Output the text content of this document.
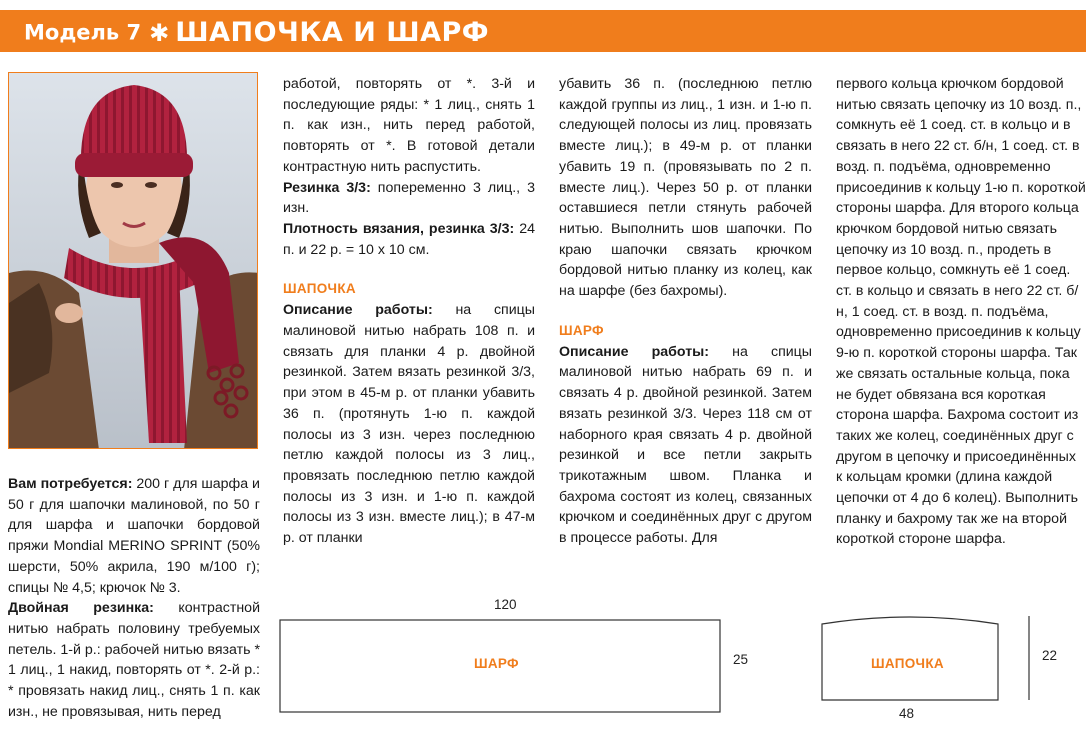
Модель 7 ✱ ШАПОЧКА И ШАРФ

Вам потребуется: 200 г для шарфа и 50 г для шапочки малиновой, по 50 г для шарфа и шапочки бордовой пряжи Mondial MERINO SPRINT (50% шерсти, 50% акрила, 190 м/100 г); спицы № 4,5; крючок № 3.

Двойная резинка: контрастной нитью набрать половину требуемых петель. 1-й р.: рабочей нитью вязать * 1 лиц., 1 накид, повторять от *. 2-й р.: * провязать накид лиц., снять 1 п. как изн., не провязывая, нить перед

работой, повторять от *. 3-й и последующие ряды: * 1 лиц., снять 1 п. как изн., нить перед работой, повторять от *. В готовой детали контрастную нить распустить.

Резинка 3/3: попеременно 3 лиц., 3 изн.

Плотность вязания, резинка 3/3: 24 п. и 22 р. = 10 х 10 см.

ШАПОЧКА

Описание работы: на спицы малиновой нитью набрать 108 п. и связать для планки 4 р. двойной резинкой. Затем вязать резинкой 3/3, при этом в 45-м р. от планки убавить 36 п. (протянуть 1-ю п. каждой полосы из 3 изн. через последнюю петлю каждой полосы из 3 лиц., провязать последнюю петлю каждой полосы из 3 изн. и 1-ю п. каждой полосы из 3 изн. вместе лиц.); в 47-м р. от планки

убавить 36 п. (последнюю петлю каждой группы из лиц., 1 изн. и 1-ю п. следующей полосы из лиц. провязать вместе лиц.); в 49-м р. от планки убавить 19 п. (провязывать по 2 п. вместе лиц.). Через 50 р. от планки оставшиеся петли стянуть рабочей нитью. Выполнить шов шапочки. По краю шапочки связать крючком бордовой нитью планку из колец, как на шарфе (без бахромы).

ШАРФ

Описание работы: на спицы малиновой нитью набрать 69 п. и связать 4 р. двойной резинкой. Затем вязать резинкой 3/3. Через 118 см от наборного края связать 4 р. двойной резинкой и все петли закрыть трикотажным швом. Планка и бахрома состоят из колец, связанных крючком и соединённых друг с другом в процессе работы. Для

первого кольца крючком бордовой нитью связать цепочку из 10 возд. п., сомкнуть её 1 соед. ст. в кольцо и в связать в него 22 ст. б/н, 1 соед. ст. в возд. п. подъёма, одновременно присоединив к кольцу 1-ю п. короткой стороны шарфа. Для второго кольца крючком бордовой нитью связать цепочку из 10 возд. п., продеть в первое кольцо, сомкнуть её 1 соед. ст. в кольцо и связать в него 22 ст. б/н, 1 соед. ст. в возд. п. подъёма, одновременно присоединив к кольцу 9-ю п. короткой стороны шарфа. Так же связать остальные кольца, пока не будет обвязана вся короткая сторона шарфа. Бахрома состоит из таких же колец, соединённых друг с другом в цепочку и присоединённых к кольцам кромки (длина каждой цепочки от 4 до 6 колец). Выполнить планку и бахрому так же на второй короткой стороне шарфа.

120
25
ШАРФ	ШАПОЧКА
48
22
